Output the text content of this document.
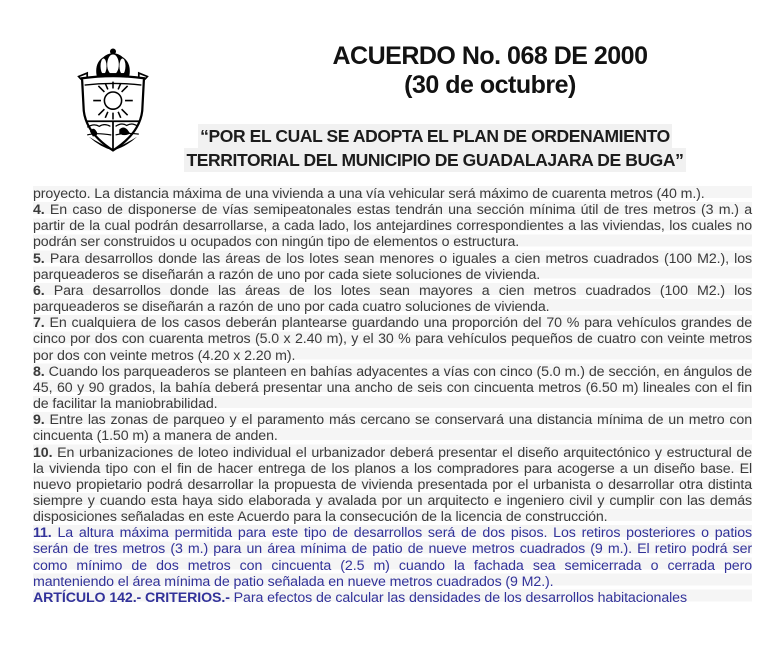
ACUERDO No. 068 DE 2000
(30 de octubre)
“POR EL CUAL SE ADOPTA EL PLAN DE ORDENAMIENTO
TERRITORIAL DEL MUNICIPIO DE GUADALAJARA DE BUGA”

proyecto. La distancia máxima de una vivienda a una vía vehicular será máximo de cuarenta metros (40 m.).

4. En caso de disponerse de vías semipeatonales estas tendrán una sección mínima útil de tres metros (3 m.) a partir de la cual podrán desarrollarse, a cada lado, los antejardines correspondientes a las viviendas, los cuales no podrán ser construidos u ocupados con ningún tipo de elementos o estructura.

5. Para desarrollos donde las áreas de los lotes sean menores o iguales a cien metros cuadrados (100 M2.), los parqueaderos se diseñarán a razón de uno por cada siete soluciones de vivienda.

6. Para desarrollos donde las áreas de los lotes sean mayores a cien metros cuadrados (100 M2.) los parqueaderos se diseñarán a razón de uno por cada cuatro soluciones de vivienda.

7. En cualquiera de los casos deberán plantearse guardando una proporción del 70 % para vehículos grandes de cinco por dos con cuarenta metros (5.0 x 2.40 m), y el 30 % para vehículos pequeños de cuatro con veinte metros por dos con veinte metros (4.20 x 2.20 m).

8. Cuando los parqueaderos se planteen en bahías adyacentes a vías con cinco (5.0 m.) de sección, en ángulos de 45, 60 y 90 grados, la bahía deberá presentar una ancho de seis con cincuenta metros (6.50 m) lineales con el fin de facilitar la maniobrabilidad.

9. Entre las zonas de parqueo y el paramento más cercano se conservará una distancia mínima de un metro con cincuenta (1.50 m) a manera de anden.

10. En urbanizaciones de loteo individual el urbanizador deberá presentar el diseño arquitectónico y estructural de la vivienda tipo con el fin de hacer entrega de los planos a los compradores para acogerse a un diseño base. El nuevo propietario podrá desarrollar la propuesta de vivienda presentada por el urbanista o desarrollar otra distinta siempre y cuando esta haya sido elaborada y avalada por un arquitecto e ingeniero civil y cumplir con las demás disposiciones señaladas en este Acuerdo para la consecución de la licencia de construcción.

11. La altura máxima permitida para este tipo de desarrollos será de dos pisos. Los retiros posteriores o patios serán de tres metros (3 m.) para un área mínima de patio de nueve metros cuadrados (9 m.). El retiro podrá ser como mínimo de dos metros con cincuenta (2.5 m) cuando la fachada sea semicerrada o cerrada pero manteniendo el área mínima de patio señalada en nueve metros cuadrados (9 M2.).

ARTÍCULO 142.- CRITERIOS.- Para efectos de calcular las densidades de los desarrollos habitacionales
